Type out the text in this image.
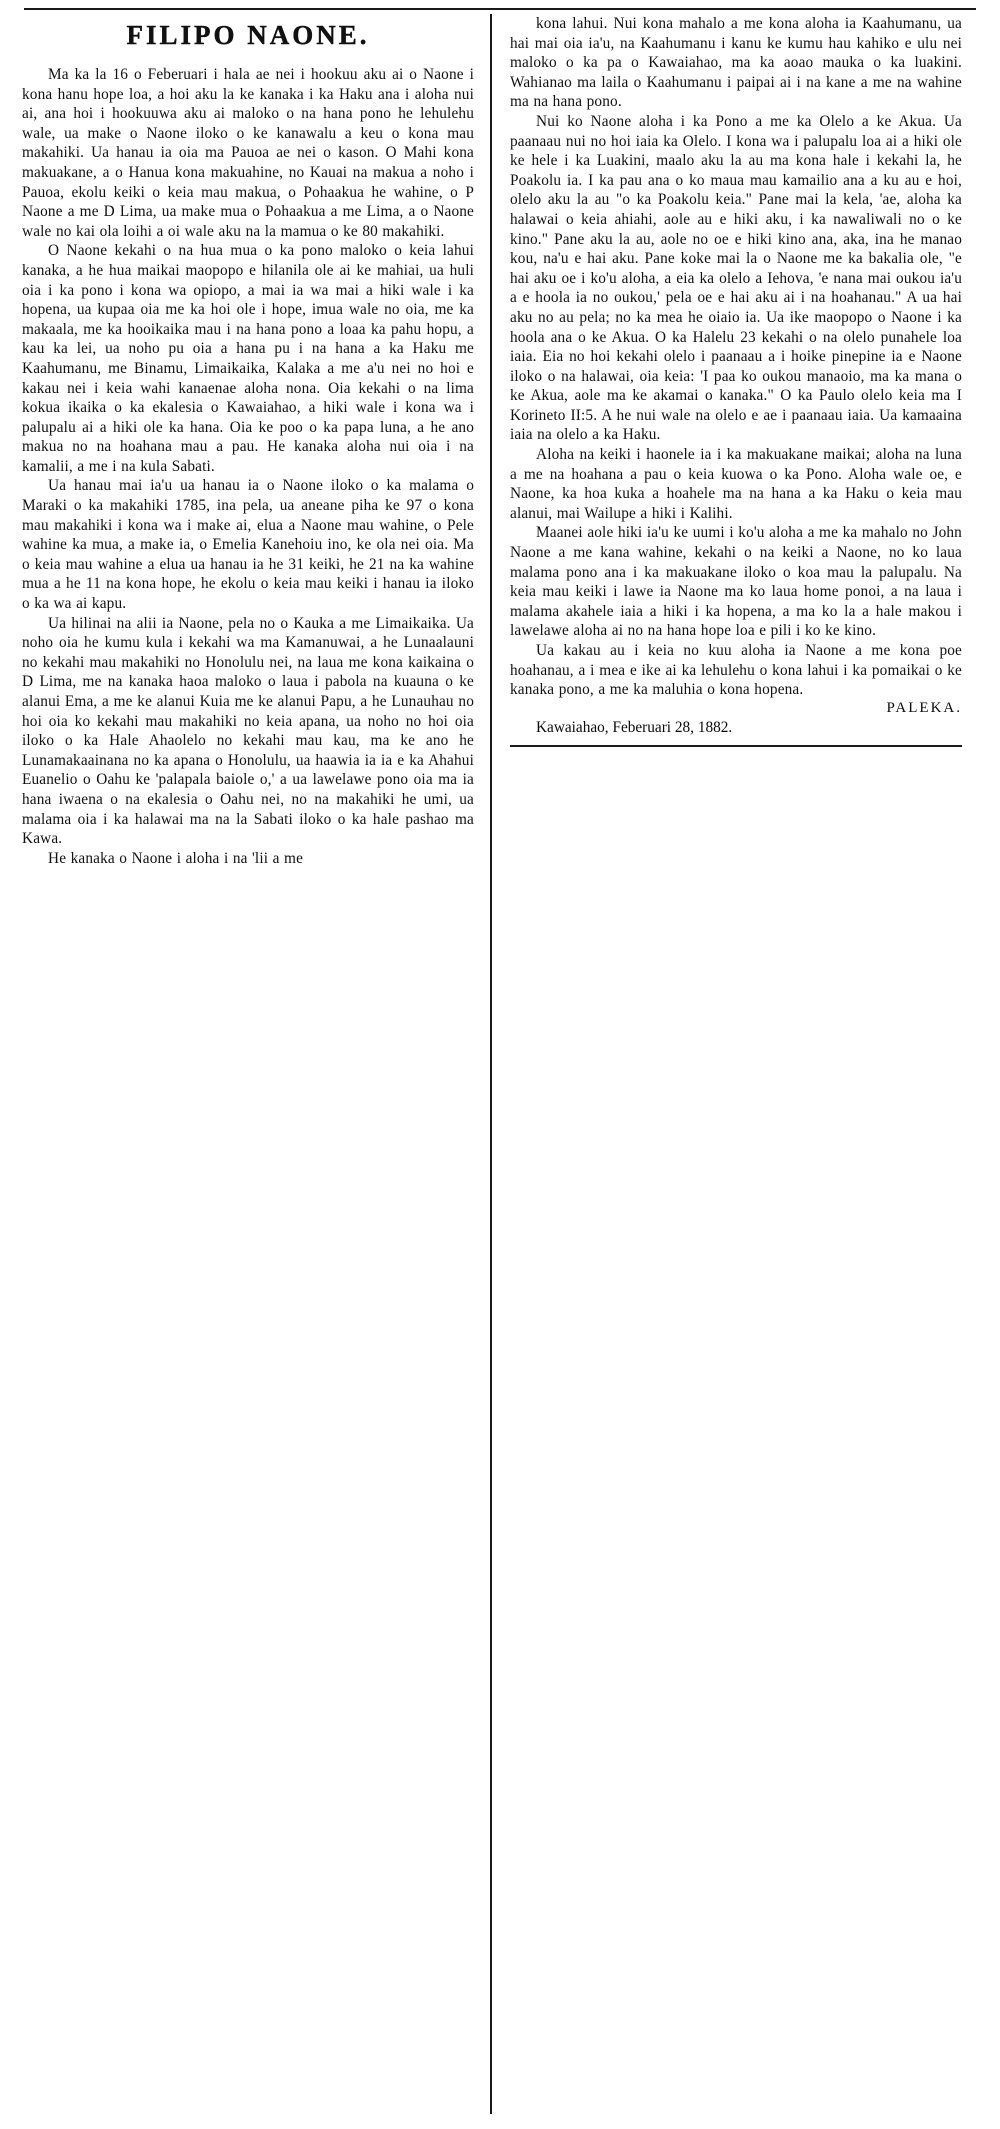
FILIPO NAONE.

Ma ka la 16 o Feberuari i hala ae nei i hookuu aku ai o Naone i kona hanu hope loa, a hoi aku la ke kanaka i ka Haku ana i aloha nui ai, ana hoi i hookuuwa aku ai maloko o na hana pono he lehulehu wale, ua make o Naone iloko o ke kanawalu a keu o kona mau makahiki. Ua hanau ia oia ma Pauoa ae nei o kason. O Mahi kona makuakane, a o Hanua kona makuahine, no Kauai na makua a noho i Pauoa, ekolu keiki o keia mau makua, o Pohaakua he wahine, o P Naone a me D Lima, ua make mua o Pohaakua a me Lima, a o Naone wale no kai ola loihi a oi wale aku na la mamua o ke 80 makahiki.

O Naone kekahi o na hua mua o ka pono maloko o keia lahui kanaka, a he hua maikai maopopo e hilanila ole ai ke mahiai, ua huli oia i ka pono i kona wa opiopo, a mai ia wa mai a hiki wale i ka hopena, ua kupaa oia me ka hoi ole i hope, imua wale no oia, me ka makaala, me ka hooikaika mau i na hana pono a loaa ka pahu hopu, a kau ka lei, ua noho pu oia a hana pu i na hana a ka Haku me Kaahumanu, me Binamu, Limaikaika, Kalaka a me a'u nei no hoi e kakau nei i keia wahi kanaenae aloha nona. Oia kekahi o na lima kokua ikaika o ka ekalesia o Kawaiahao, a hiki wale i kona wa i palupalu ai a hiki ole ka hana. Oia ke poo o ka papa luna, a he ano makua no na hoahana mau a pau. He kanaka aloha nui oia i na kamalii, a me i na kula Sabati.

Ua hanau mai ia'u ua hanau ia o Naone iloko o ka malama o Maraki o ka makahiki 1785, ina pela, ua aneane piha ke 97 o kona mau makahiki i kona wa i make ai, elua a Naone mau wahine, o Pele wahine ka mua, a make ia, o Emelia Kanehoiu ino, ke ola nei oia. Ma o keia mau wahine a elua ua hanau ia he 31 keiki, he 21 na ka wahine mua a he 11 na kona hope, he ekolu o keia mau keiki i hanau ia iloko o ka wa ai kapu.

Ua hilinai na alii ia Naone, pela no o Kauka a me Limaikaika. Ua noho oia he kumu kula i kekahi wa ma Kamanuwai, a he Lunaalauni no kekahi mau makahiki no Honolulu nei, na laua me kona kaikaina o D Lima, me na kanaka haoa maloko o laua i pabola na kuauna o ke alanui Ema, a me ke alanui Kuia me ke alanui Papu, a he Lunauhau no hoi oia ko kekahi mau makahiki no keia apana, ua noho no hoi oia iloko o ka Hale Ahaolelo no kekahi mau kau, ma ke ano he Lunamakaainana no ka apana o Honolulu, ua haawia ia ia e ka Ahahui Euanelio o Oahu ke 'palapala baiole o,' a ua lawelawe pono oia ma ia hana iwaena o na ekalesia o Oahu nei, no na makahiki he umi, ua malama oia i ka halawai ma na la Sabati iloko o ka hale pashao ma Kawa.

He kanaka o Naone i aloha i na 'lii a me

kona lahui. Nui kona mahalo a me kona aloha ia Kaahumanu, ua hai mai oia ia'u, na Kaahumanu i kanu ke kumu hau kahiko e ulu nei maloko o ka pa o Kawaiahao, ma ka aoao mauka o ka luakini. Wahianao ma laila o Kaahumanu i paipai ai i na kane a me na wahine ma na hana pono.

Nui ko Naone aloha i ka Pono a me ka Olelo a ke Akua. Ua paanaau nui no hoi iaia ka Olelo. I kona wa i palupalu loa ai a hiki ole ke hele i ka Luakini, maalo aku la au ma kona hale i kekahi la, he Poakolu ia. I ka pau ana o ko maua mau kamailio ana a ku au e hoi, olelo aku la au "o ka Poakolu keia." Pane mai la kela, 'ae, aloha ka halawai o keia ahiahi, aole au e hiki aku, i ka nawaliwali no o ke kino." Pane aku la au, aole no oe e hiki kino ana, aka, ina he manao kou, na'u e hai aku. Pane koke mai la o Naone me ka bakalia ole, "e hai aku oe i ko'u aloha, a eia ka olelo a Iehova, 'e nana mai oukou ia'u a e hoola ia no oukou,' pela oe e hai aku ai i na hoahanau." A ua hai aku no au pela; no ka mea he oiaio ia. Ua ike maopopo o Naone i ka hoola ana o ke Akua. O ka Halelu 23 kekahi o na olelo punahele loa iaia. Eia no hoi kekahi olelo i paanaau a i hoike pinepine ia e Naone iloko o na halawai, oia keia: 'I paa ko oukou manaoio, ma ka mana o ke Akua, aole ma ke akamai o kanaka." O ka Paulo olelo keia ma I Korineto II:5. A he nui wale na olelo e ae i paanaau iaia. Ua kamaaina iaia na olelo a ka Haku.

Aloha na keiki i haonele ia i ka makuakane maikai; aloha na luna a me na hoahana a pau o keia kuowa o ka Pono. Aloha wale oe, e Naone, ka hoa kuka a hoahele ma na hana a ka Haku o keia mau alanui, mai Wailupe a hiki i Kalihi.

Maanei aole hiki ia'u ke uumi i ko'u aloha a me ka mahalo no John Naone a me kana wahine, kekahi o na keiki a Naone, no ko laua malama pono ana i ka makuakane iloko o koa mau la palupalu. Na keia mau keiki i lawe ia Naone ma ko laua home ponoi, a na laua i malama akahele iaia a hiki i ka hopena, a ma ko la a hale makou i lawelawe aloha ai no na hana hope loa e pili i ko ke kino.

Ua kakau au i keia no kuu aloha ia Naone a me kona poe hoahanau, a i mea e ike ai ka lehulehu o kona lahui i ka pomaikai o ke kanaka pono, a me ka maluhia o kona hopena.

PALEKA.
Kawaiahao, Feberuari 28, 1882.
